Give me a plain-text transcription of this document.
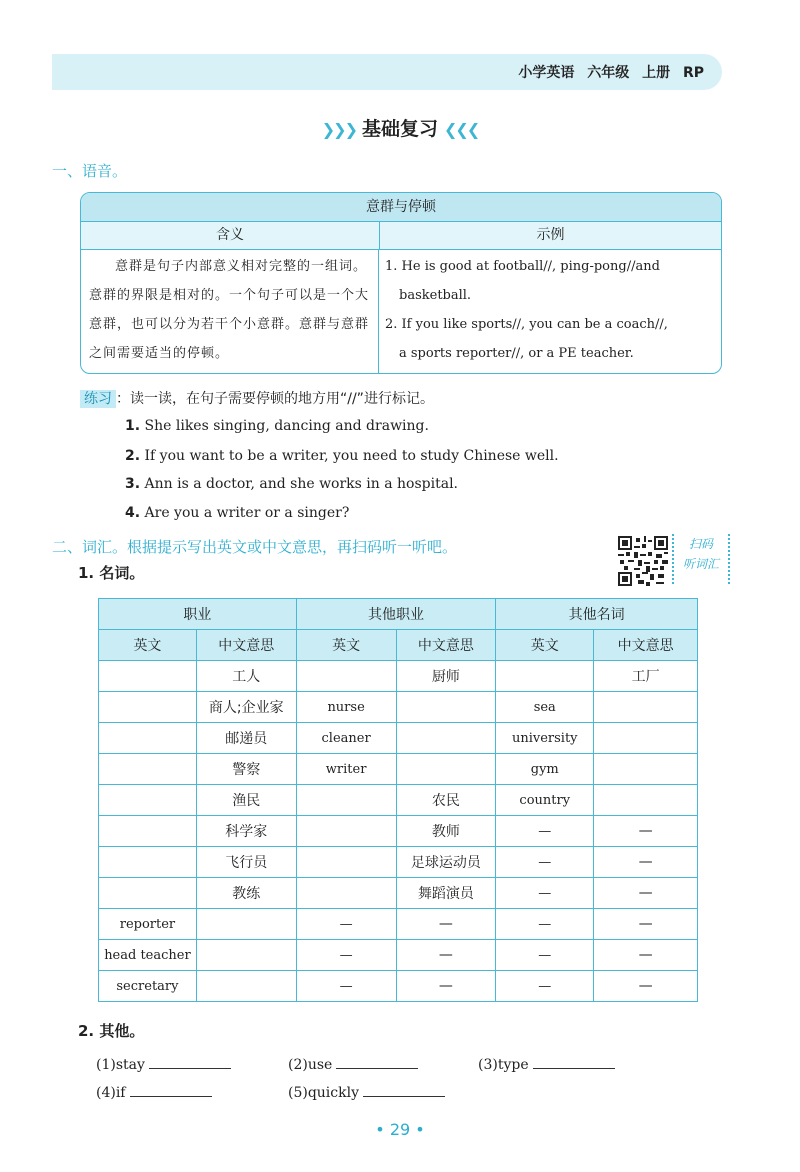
小学英语 六年级 上册 RP
❯❯❯ 基础复习 ❮❮❮
一、语音。
意群与停顿
含义	示例
意群是句子内部意义相对完整的一组词。意群的界限是相对的。一个句子可以是一个大意群，也可以分为若干个小意群。意群与意群之间需要适当的停顿。
1. He is good at football//, ping-pong//and
basketball.
2. If you like sports//, you can be a coach//,
a sports reporter//, or a PE teacher.
练习 ：读一读，在句子需要停顿的地方用“//”进行标记。
1. She likes singing, dancing and drawing.
2. If you want to be a writer, you need to study Chinese well.
3. Ann is a doctor, and she works in a hospital.
4. Are you a writer or a singer?
二、词汇。根据提示写出英文或中文意思，再扫码听一听吧。	扫码
听词汇
1. 名词。
职业		其他职业		其他名词	
英文	中文意思	英文	中文意思	英文	中文意思
	工人		厨师		工厂
	商人;企业家	nurse		sea	
	邮递员	cleaner		university	
	警察	writer		gym	
	渔民		农民	country	
	科学家		教师	—	—
	飞行员		足球运动员	—	—
	教练		舞蹈演员	—	—
reporter		—	—	—	—
head teacher		—	—	—	—
secretary		—	—	—	—
2. 其他。
(1)stay	(2)use	(3)type
(4)if	(5)quickly
• 29 •
